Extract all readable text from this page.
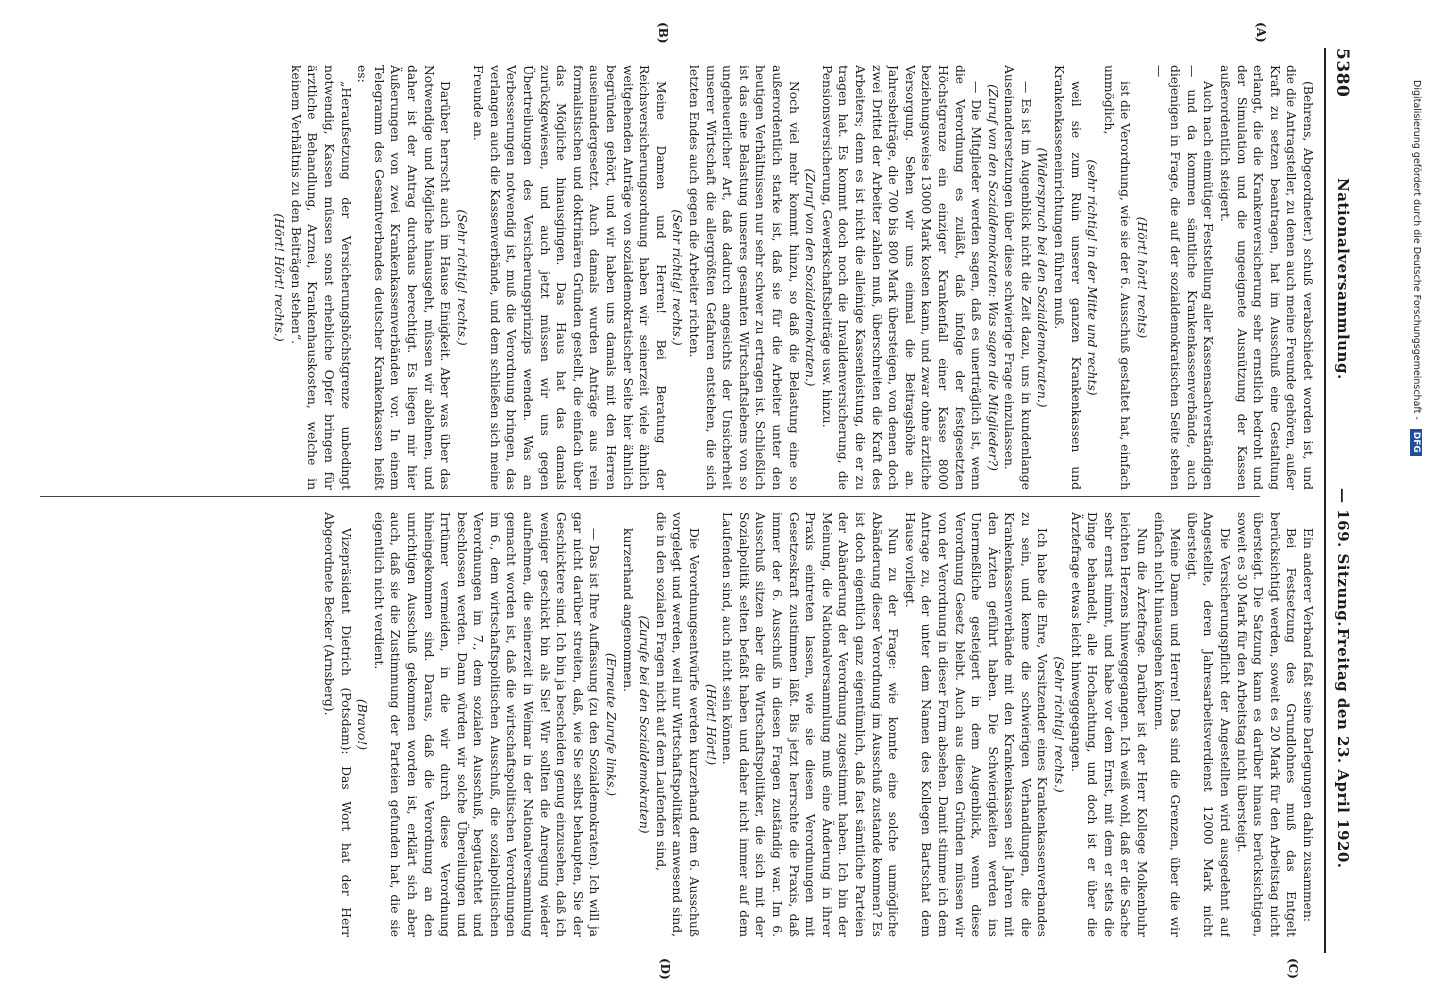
Digitalisierung gefördert durch die Deutsche Forschungsgemeinschaft - DFG
5380
Nationalversammlung.
— 169. Sitzung.
Freitag den 23. April 1920.
(A)
(B)
(C)
(D)

(Behrens, Abgeordneter.) schuß verabschiedet worden ist, und die die Antragsteller, zu denen auch meine Freunde gehören, außer Kraft zu setzen beantragen, hat im Ausschuß eine Gestaltung erlangt, die die Krankenversicherung sehr ernstlich bedroht und der Simulation und die ungeeignete Ausnützung der Kassen außerordentlich steigert.

Auch nach einmütiger Feststellung aller Kassensachverständigen — und da kommen sämtliche Krankenkassenverbände, auch diejenigen in Frage, die auf der sozialdemokratischen Seite stehen —

(Hört! hört! rechts)

ist die Verordnung, wie sie der 6. Ausschuß gestaltet hat, einfach unmöglich,

(sehr richtig! in der Mitte und rechts)

weil sie zum Ruin unserer ganzen Krankenkassen und Krankenkasseneinrichtungen führen muß.

(Widerspruch bei den Sozialdemokraten.)

— Es ist im Augenblick nicht die Zeit dazu, uns in kundenlange Auseinandersetzungen über diese schwierige Frage einzulassen.

(Zuruf von den Sozialdemokraten: Was sagen die Mitglieder?)

— Die Mitglieder werden sagen, daß es unerträglich ist, wenn die Verordnung es zuläßt, daß infolge der festgesetzten Höchstgrenze ein einziger Krankenfall einer Kasse 8000 beziehungsweise 13000 Mark kosten kann, und zwar ohne ärztliche Versorgung. Sehen wir uns einmal die Beitragshöhe an. Jahresbeiträge, die 700 bis 800 Mark übersteigen, von denen doch zwei Drittel der Arbeiter zahlen muß, überschreiten die Kraft des Arbeiters; denn es ist nicht die alleinige Kassenleistung, die er zu tragen hat. Es kommt doch noch die Invalidenversicherung, die Pensionsversicherung, Gewerkschaftsbeiträge usw. hinzu.

(Zuruf von den Sozialdemokraten.)

Noch viel mehr kommt hinzu, so daß die Belastung eine so außerordentlich starke ist, daß sie für die Arbeiter unter den heutigen Verhältnissen nur sehr schwer zu ertragen ist. Schließlich ist das eine Belastung unseres gesamten Wirtschaftslebens von so ungeheuerlicher Art, daß dadurch angesichts der Unsicherheit unserer Wirtschaft die allergrößten Gefahren entstehen, die sich letzten Endes auch gegen die Arbeiter richten.

(Sehr richtig! rechts.)

Meine Damen und Herren! Bei Beratung der Reichsversicherungsordnung haben wir seinerzeit viele ähnlich weitgehenden Anträge von sozialdemokratischer Seite hier ähnlich begründen gehört, und wir haben uns damals mit den Herren auseinandergesetzt. Auch damals wurden Anträge aus rein formalistischen und doktrinären Gründen gestellt, die einfach über das Mögliche hinausgingen. Das Haus hat das damals zurückgewiesen, und auch jetzt müssen wir uns gegen Übertreibungen des Versicherungsprinzips wenden. Was an Verbesserungen notwendig ist, muß die Verordnung bringen, das verlangen auch die Kassenverbände, und dem schließen sich meine Freunde an.

(Sehr richtig! rechts.)

Darüber herrscht auch im Hause Einigkeit. Aber was über das Notwendige und Mögliche hinausgeht, müssen wir ablehnen, und daher ist der Antrag durchaus berechtigt. Es liegen mir hier Äußerungen von zwei Krankenkassenverbänden vor. In einem Telegramm des Gesamtverbandes deutscher Krankenkassen heißt es:

„Heraufsetzung der Versicherungshöchstgrenze unbedingt notwendig, Kassen müssen sonst erhebliche Opfer bringen für ärztliche Behandlung, Arznei, Krankenhauskosten, welche in keinem Verhältnis zu den Beiträgen stehen“.

(Hört! Hört! rechts.)

Ein anderer Verband faßt seine Darlegungen dahin zusammen:

Bei Festsetzung des Grundlohnes muß das Entgelt berücksichtigt werden, soweit es 20 Mark für den Arbeitstag nicht übersteigt. Die Satzung kann es darüber hinaus berücksichtigen, soweit es 30 Mark für den Arbeitstag nicht übersteigt.

Die Versicherungspflicht der Angestellten wird ausgedehnt auf Angestellte, deren Jahresarbeitsverdienst 12000 Mark nicht übersteigt.

Meine Damen und Herren! Das sind die Grenzen, über die wir einfach nicht hinausgehen können.

Nun die Ärztefrage. Darüber ist der Herr Kollege Molkenbuhr leichten Herzens hinweggegangen. Ich weiß wohl, daß er die Sache sehr ernst nimmt, und habe vor dem Ernst, mit dem er stets die Dinge behandelt, alle Hochachtung, und doch ist er über die Ärztefrage etwas leicht hinweggegangen.

(Sehr richtig! rechts.)

Ich habe die Ehre, Vorsitzender eines Krankenkassenverbandes zu sein, und kenne die schwierigen Verhandlungen, die die Krankenkassenverbände mit den Krankenkassen seit Jahren mit den Ärzten geführt haben. Die Schwierigkeiten werden ins Unermeßliche gesteigert in dem Augenblick, wenn diese Verordnung Gesetz bleibt. Auch aus diesen Gründen müssen wir von der Verordnung in dieser Form absehen. Damit stimme ich dem Antrage zu, der unter dem Namen des Kollegen Bartschat dem Hause vorliegt.

Nun zu der Frage: wie konnte eine solche unmögliche Abänderung dieser Verordnung im Ausschuß zustande kommen? Es ist doch eigentlich ganz eigentümlich, daß fast sämtliche Parteien der Abänderung der Verordnung zugestimmt haben. Ich bin der Meinung, die Nationalversammlung muß eine Änderung in ihrer Praxis eintreten lassen, wie sie diesen Verordnungen mit Gesetzeskraft zustimmen läßt. Bis jetzt herrschte die Praxis, daß immer der 6. Ausschuß in diesen Fragen zuständig war. Im 6. Ausschuß sitzen aber die Wirtschaftspolitiker, die sich mit der Sozialpolitik selten befaßt haben und daher nicht immer auf dem Laufenden sind, auch nicht sein können.

(Hört! Hört!)

Die Verordnungsentwürfe werden kurzerhand dem 6. Ausschuß vorgelegt und werden, weil nur Wirtschaftspolitiker anwesend sind, die in den sozialen Fragen nicht auf dem Laufenden sind,

(Zurufe bei den Sozialdemokraten)

kurzerhand angenommen.

(Erneute Zurufe links.)

— Das ist Ihre Auffassung (zu den Sozialdemokraten). Ich will ja gar nicht darüber streiten, daß, wie Sie selbst behaupten, Sie der Geschicktere sind. Ich bin ja bescheiden genug einzusehen, daß ich weniger geschickt bin als Sie! Wir sollten die Anregung wieder aufnehmen, die seinerzeit in Weimar in der Nationalversammlung gemacht worden ist, daß die wirtschaftspolitischen Verordnungen im 6., dem wirtschaftspolitischen Ausschuß, die sozialpolitischen Verordnungen im 7., dem sozialen Ausschuß, begutachtet und beschlossen werden. Dann würden wir solche Übereilungen und Irrtümer vermeiden, in die wir durch diese Verordnung hineingekommen sind. Daraus, daß die Verordnung an den unrichtigen Ausschuß gekommen worden ist, erklärt sich aber auch, daß sie die Zustimmung der Parteien gefunden hat, die sie eigentlich nicht verdient.

(Bravo!)

Vizepräsident Dietrich (Potsdam): Das Wort hat der Herr Abgeordnete Becker (Arnsberg).
